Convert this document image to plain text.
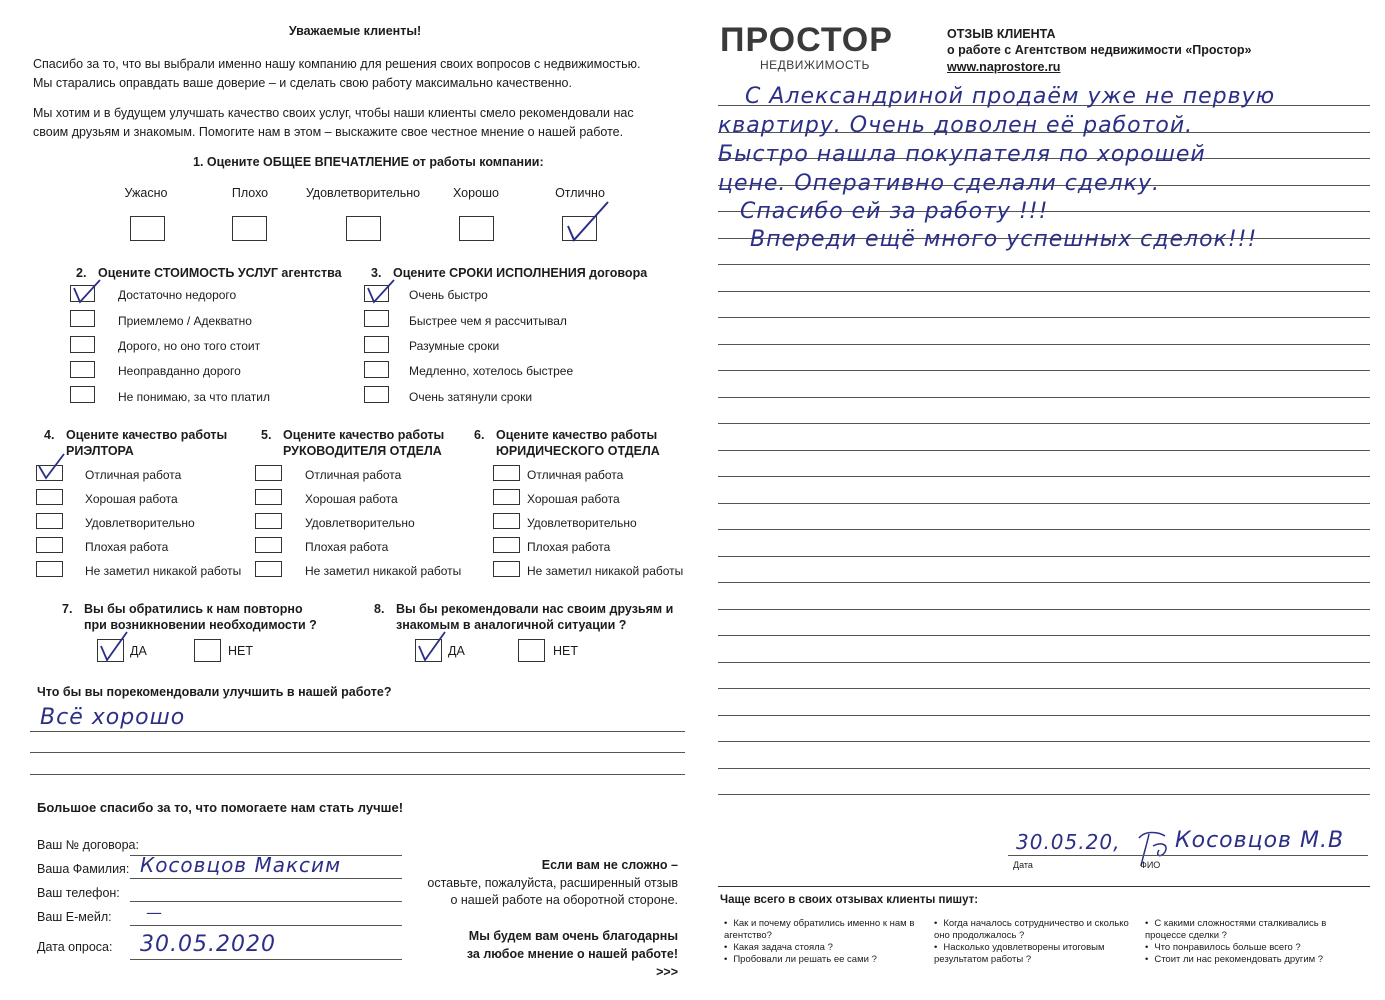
Уважаемые клиенты!
Спасибо за то, что вы выбрали именно нашу компанию для решения своих вопросов с недвижимостью. Мы старались оправдать ваше доверие – и сделать свою работу максимально качественно.
Мы хотим и в будущем улучшать качество своих услуг, чтобы наши клиенты смело рекомендовали нас своим друзьям и знакомым. Помогите нам в этом – выскажите свое честное мнение о нашей работе.
1. Оцените ОБЩЕЕ ВПЕЧАТЛЕНИЕ от работы компании:
Ужасно	Плохо	Удовлетворительно	Хорошо	Отлично
2. Оцените СТОИМОСТЬ УСЛУГ агентства
Достаточно недорого
Приемлемо / Адекватно
Дорого, но оно того стоит
Неоправданно дорого
Не понимаю, за что платил
3. Оцените СРОКИ ИСПОЛНЕНИЯ договора
Очень быстро
Быстрее чем я рассчитывал
Разумные сроки
Медленно, хотелось быстрее
Очень затянули сроки
4. Оцените качество работы
РИЭЛТОРА
Отличная работа
Хорошая работа
Удовлетворительно
Плохая работа
Не заметил никакой работы
5. Оцените качество работы
РУКОВОДИТЕЛЯ ОТДЕЛА
Отличная работа
Хорошая работа
Удовлетворительно
Плохая работа
Не заметил никакой работы
6. Оцените качество работы
ЮРИДИЧЕСКОГО ОТДЕЛА
Отличная работа
Хорошая работа
Удовлетворительно
Плохая работа
Не заметил никакой работы
7. Вы бы обратились к нам повторно
при возникновении необходимости ?
ДА	НЕТ
8. Вы бы рекомендовали нас своим друзьям и
знакомым в аналогичной ситуации ?
ДА	НЕТ
Что бы вы порекомендовали улучшить в нашей работе?
Всё хорошо
Большое спасибо за то, что помогаете нам стать лучше!
Ваш № договора:
Ваша Фамилия: Косовцов Максим
Ваш телефон:
Ваш Е-мейл: —
Дата опроса: 30.05.2020
Если вам не сложно –
оставьте, пожалуйста, расширенный отзыв
о нашей работе на оборотной стороне.
Мы будем вам очень благодарны
за любое мнение о нашей работе!
>>>
ПРОСТОР
НЕДВИЖИМОСТЬ
ОТЗЫВ КЛИЕНТА
о работе с Агентством недвижимости «Простор»
www.naprostore.ru
С Александриной продаём уже не первую
квартиру. Очень доволен её работой.
Быстро нашла покупателя по хорошей
цене. Оперативно сделали сделку.
Спасибо ей за работу !!!
Впереди ещё много успешных сделок!!!
30.05.20, Косовцов М.В
Дата	ФИО
Чаще всего в своих отзывах клиенты пишут:
• Как и почему обратились именно к нам в агентство?
• Какая задача стояла ?
• Пробовали ли решать ее сами ?
• Когда началось сотрудничество и сколько оно продолжалось ?
• Насколько удовлетворены итоговым результатом работы ?
• С какими сложностями сталкивались в процессе сделки ?
• Что понравилось больше всего ?
• Стоит ли нас рекомендовать другим ?
